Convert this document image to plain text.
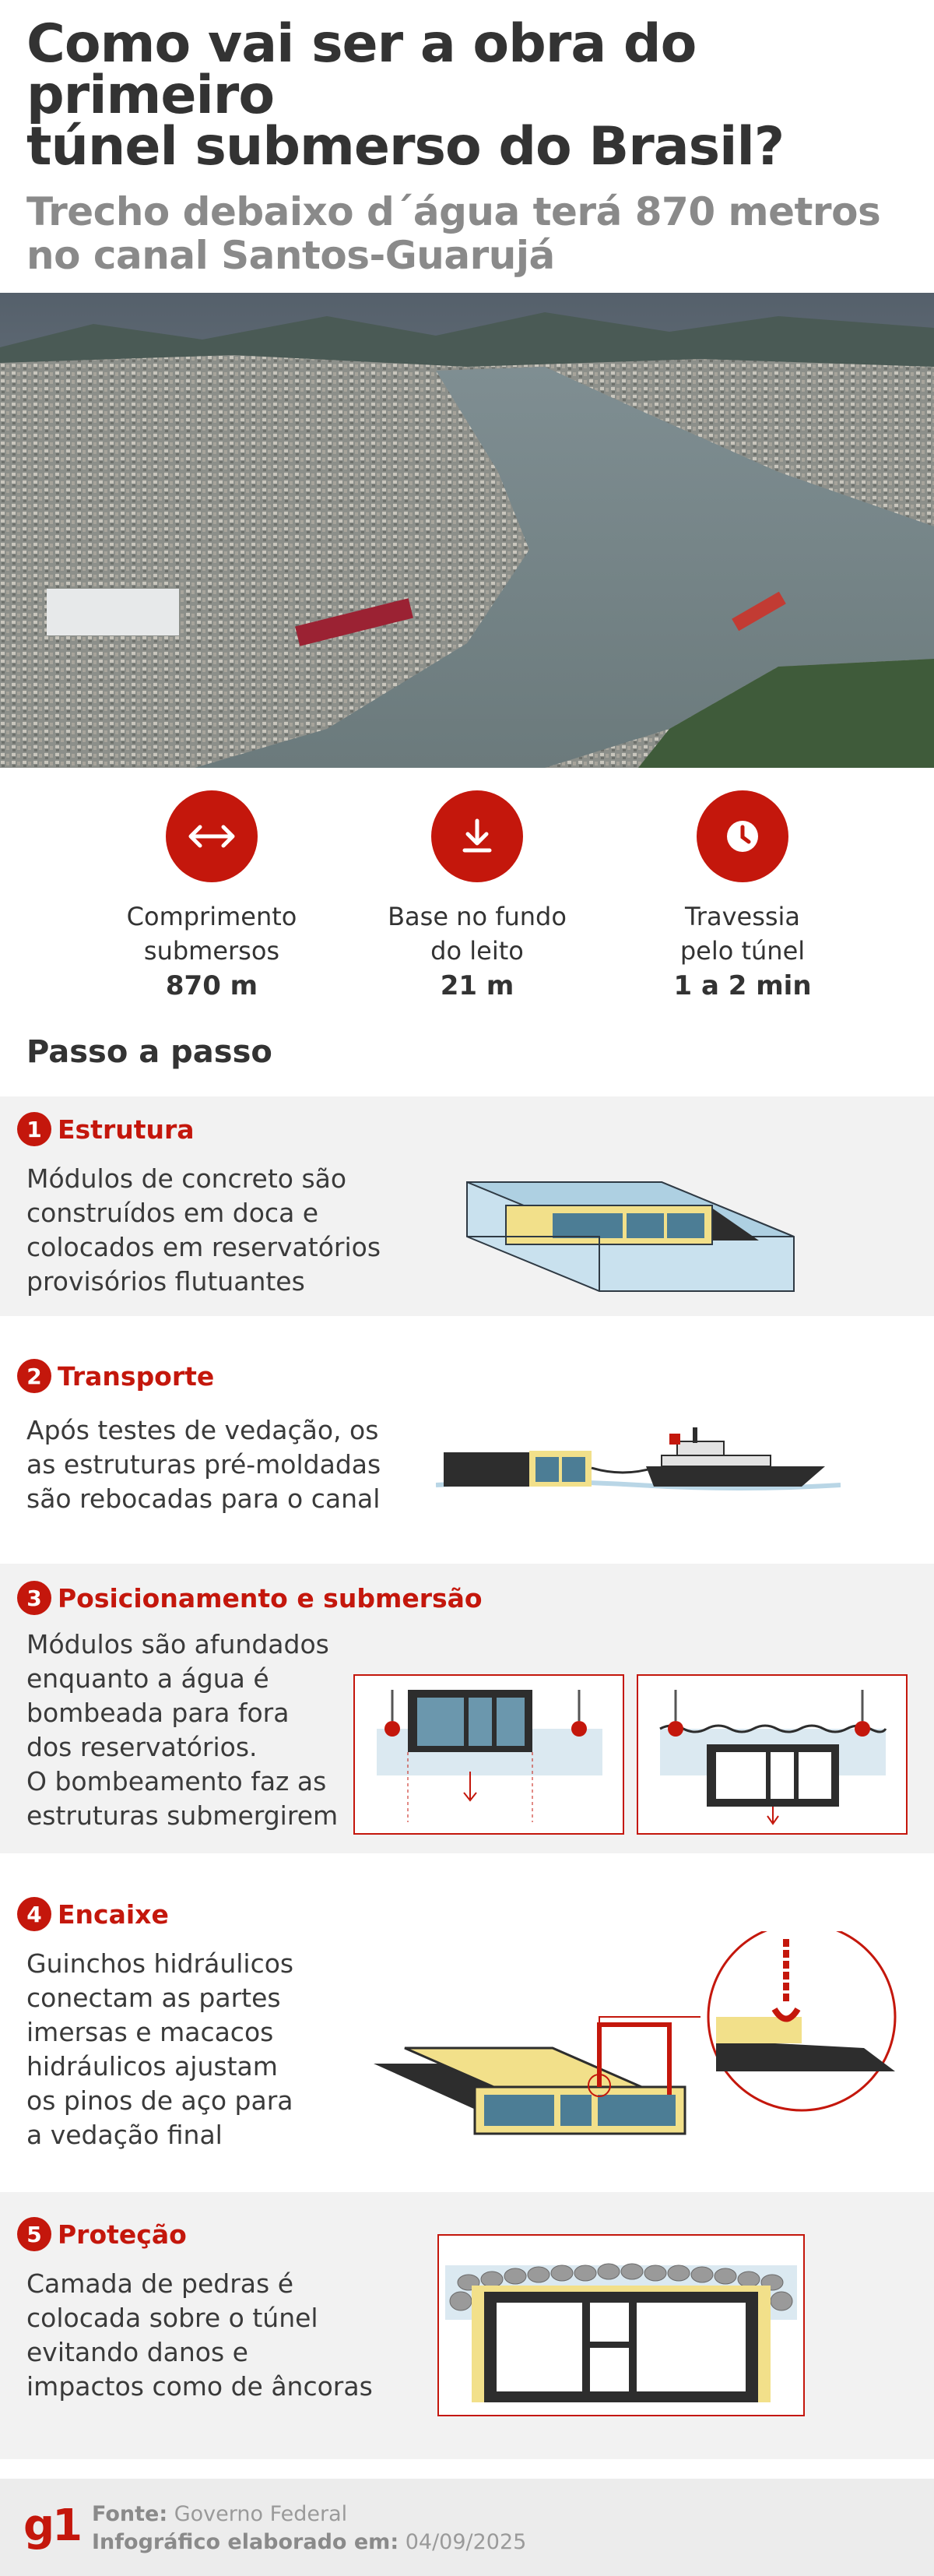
Como vai ser a obra do primeiro
túnel submerso do Brasil?
Trecho debaixo d´água terá 870 metros
no canal Santos-Guarujá
Comprimento
submersos
870 m
Base no fundo
do leito
21 m
Travessia
pelo túnel
1 a 2 min
Passo a passo
1 Estrutura
Módulos de concreto são
construídos em doca e
colocados em reservatórios
provisórios flutuantes
2 Transporte
Após testes de vedação, os
as estruturas pré-moldadas
são rebocadas para o canal
3 Posicionamento e submersão
Módulos são afundados
enquanto a água é
bombeada para fora
dos reservatórios.
O bombeamento faz as
estruturas submergirem
4 Encaixe
Guinchos hidráulicos
conectam as partes
imersas e macacos
hidráulicos ajustam
os pinos de aço para
a vedação final
5 Proteção
Camada de pedras é
colocada sobre o túnel
evitando danos e
impactos como de âncoras
g1 Fonte: Governo Federal
Infográfico elaborado em: 04/09/2025
